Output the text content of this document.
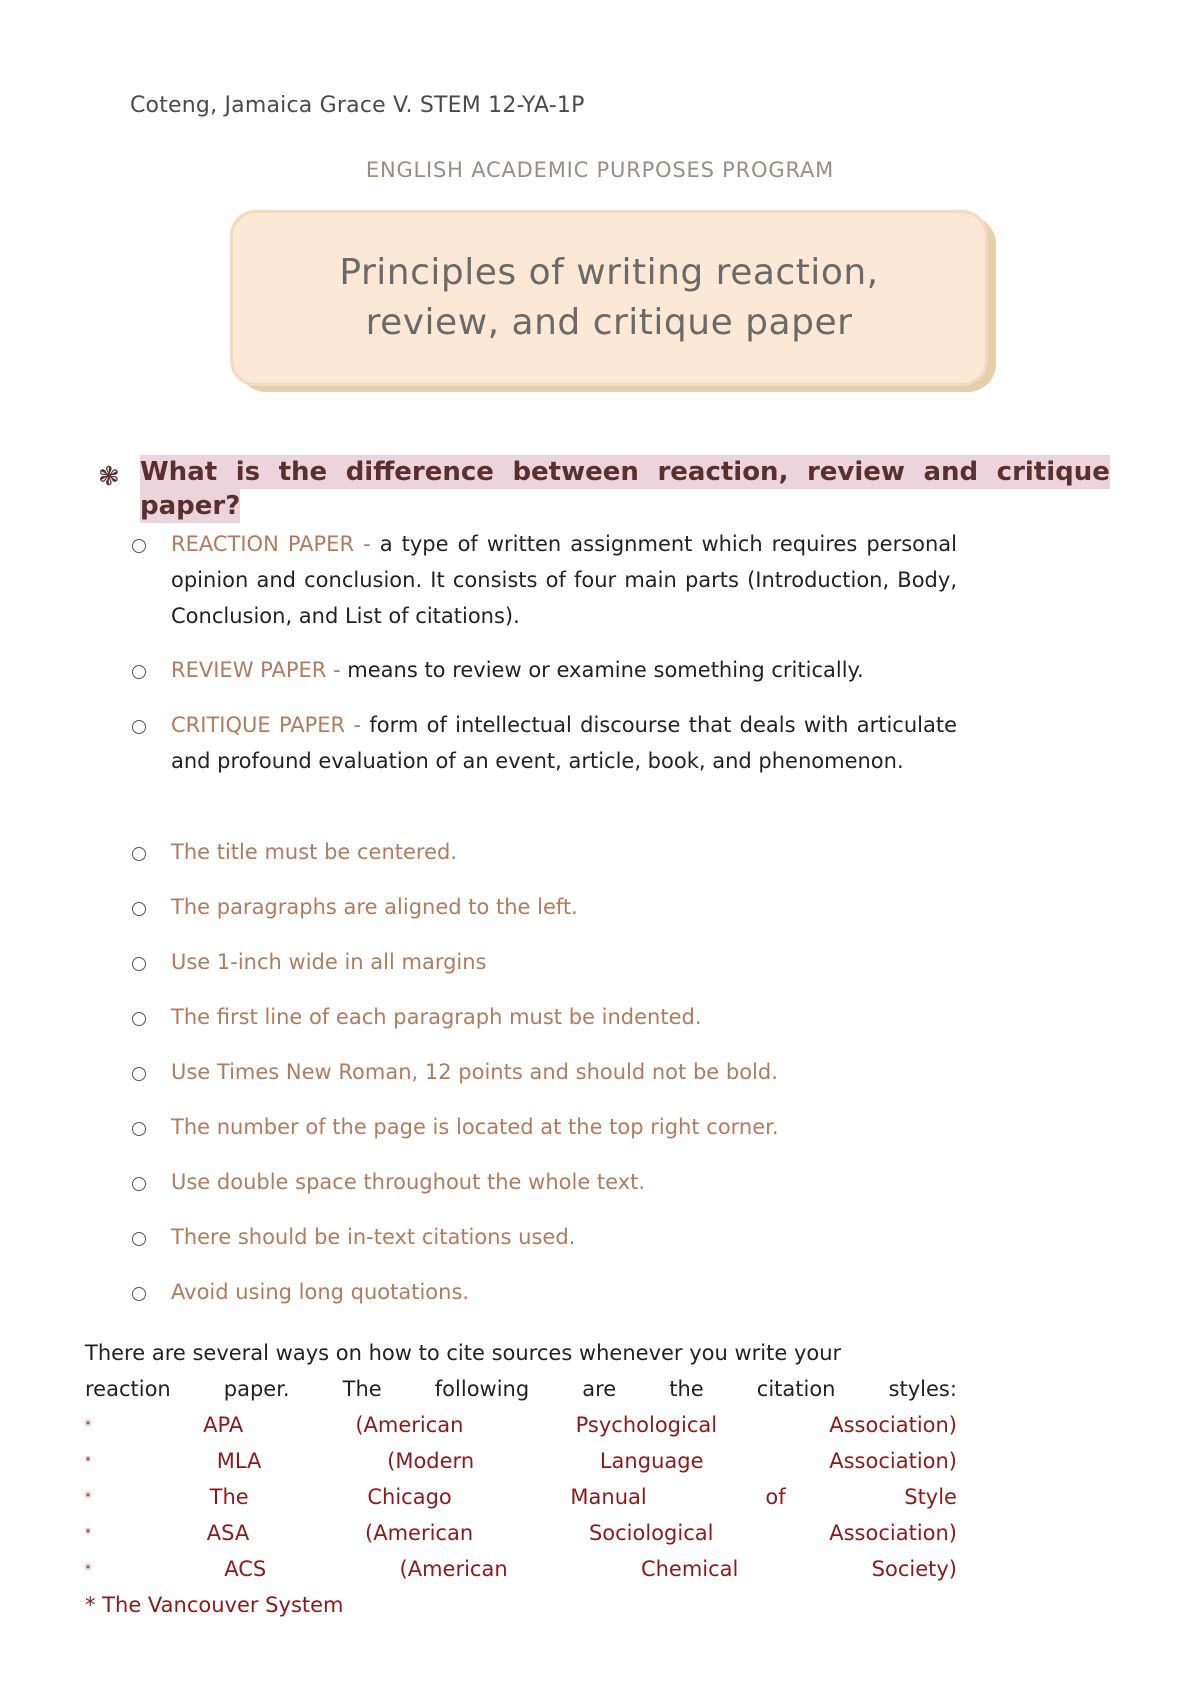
Coteng, Jamaica Grace V. STEM 12-YA-1P
ENGLISH ACADEMIC PURPOSES PROGRAM
Principles of writing reaction,
review, and critique paper
❃ What is the difference between reaction, review and critique
paper?
REACTION PAPER - a type of written assignment which requires personal opinion and conclusion. It consists of four main parts (Introduction, Body, Conclusion, and List of citations).
REVIEW PAPER - means to review or examine something critically.
CRITIQUE PAPER - form of intellectual discourse that deals with articulate and profound evaluation of an event, article, book, and phenomenon.
The title must be centered.
The paragraphs are aligned to the left.
Use 1-inch wide in all margins
The first line of each paragraph must be indented.
Use Times New Roman, 12 points and should not be bold.
The number of the page is located at the top right corner.
Use double space throughout the whole text.
There should be in-text citations used.
Avoid using long quotations.
There are several ways on how to cite sources whenever you write your
reaction	paper.	The	following	are	the	citation	styles:
*	APA	(American	Psychological	Association)
*	MLA	(Modern	Language	Association)
*	The	Chicago	Manual	of	Style
*	ASA	(American	Sociological	Association)
*	ACS	(American	Chemical	Society)
* The Vancouver System
